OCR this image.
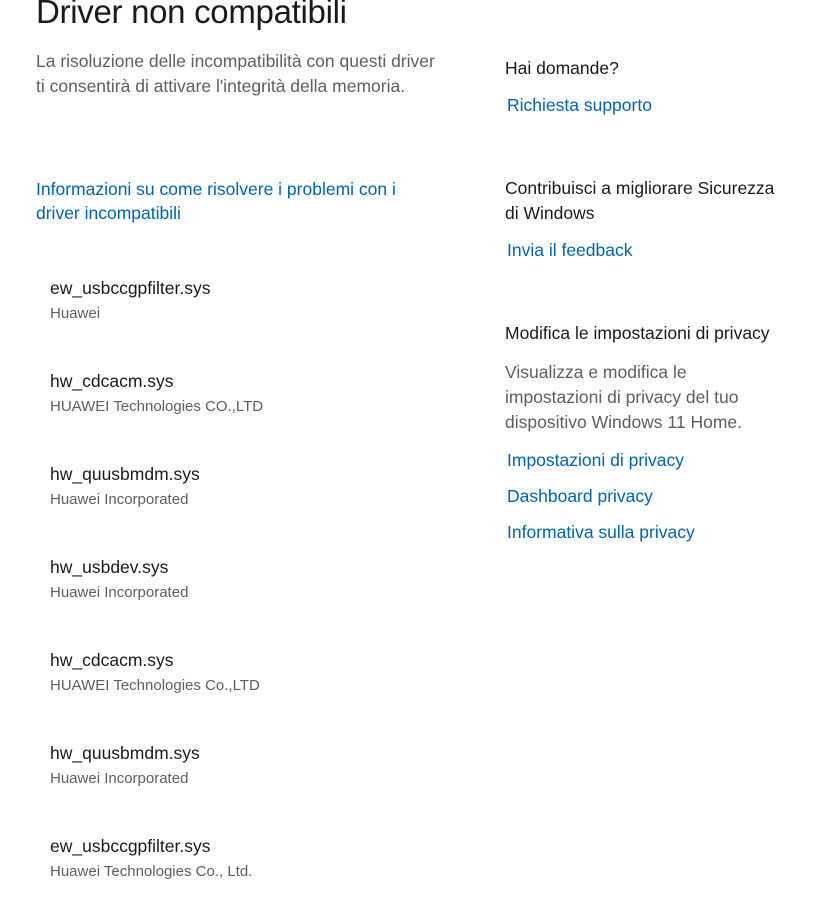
Driver non compatibili

La risoluzione delle incompatibilità con questi driver ti consentirà di attivare l'integrità della memoria.

Informazioni su come risolvere i problemi con i driver incompatibili
ew_usbccgpfilter.sys
Huawei
hw_cdcacm.sys
HUAWEI Technologies CO.,LTD
hw_quusbmdm.sys
Huawei Incorporated
hw_usbdev.sys
Huawei Incorporated
hw_cdcacm.sys
HUAWEI Technologies Co.,LTD
hw_quusbmdm.sys
Huawei Incorporated
ew_usbccgpfilter.sys
Huawei Technologies Co., Ltd.
Hai domande?
Richiesta supporto
Contribuisci a migliorare Sicurezza di Windows
Invia il feedback
Modifica le impostazioni di privacy

Visualizza e modifica le impostazioni di privacy del tuo dispositivo Windows 11 Home.

Impostazioni di privacy
Dashboard privacy
Informativa sulla privacy
